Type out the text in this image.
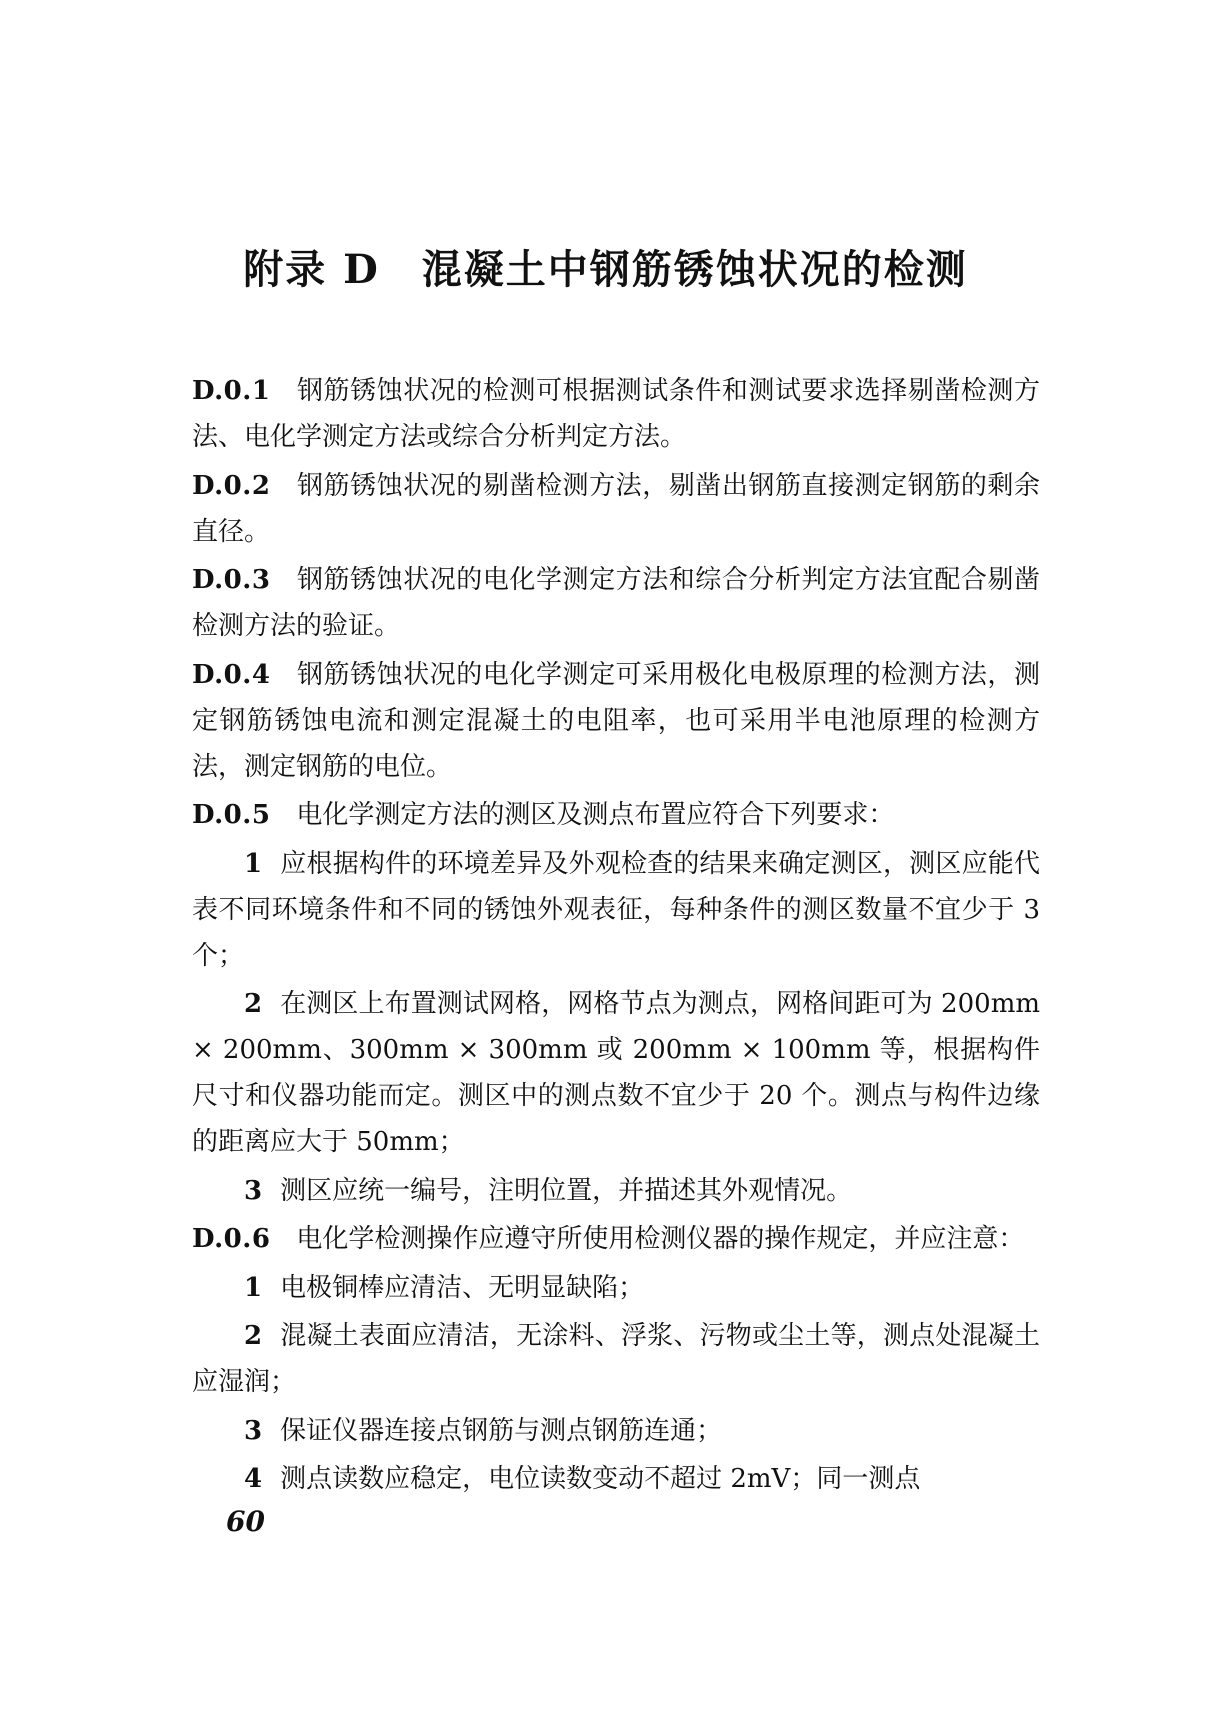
附录 D　混凝土中钢筋锈蚀状况的检测

D.0.1 钢筋锈蚀状况的检测可根据测试条件和测试要求选择剔凿检测方法、电化学测定方法或综合分析判定方法。

D.0.2 钢筋锈蚀状况的剔凿检测方法，剔凿出钢筋直接测定钢筋的剩余直径。

D.0.3 钢筋锈蚀状况的电化学测定方法和综合分析判定方法宜配合剔凿检测方法的验证。

D.0.4 钢筋锈蚀状况的电化学测定可采用极化电极原理的检测方法，测定钢筋锈蚀电流和测定混凝土的电阻率，也可采用半电池原理的检测方法，测定钢筋的电位。

D.0.5 电化学测定方法的测区及测点布置应符合下列要求：

1 应根据构件的环境差异及外观检查的结果来确定测区，测区应能代表不同环境条件和不同的锈蚀外观表征，每种条件的测区数量不宜少于 3 个；

2 在测区上布置测试网格，网格节点为测点，网格间距可为 200mm × 200mm、300mm × 300mm 或 200mm × 100mm 等，根据构件尺寸和仪器功能而定。测区中的测点数不宜少于 20 个。测点与构件边缘的距离应大于 50mm；

3 测区应统一编号，注明位置，并描述其外观情况。

D.0.6 电化学检测操作应遵守所使用检测仪器的操作规定，并应注意：

1 电极铜棒应清洁、无明显缺陷；

2 混凝土表面应清洁，无涂料、浮浆、污物或尘土等，测点处混凝土应湿润；

3 保证仪器连接点钢筋与测点钢筋连通；

4 测点读数应稳定，电位读数变动不超过 2mV；同一测点

60
